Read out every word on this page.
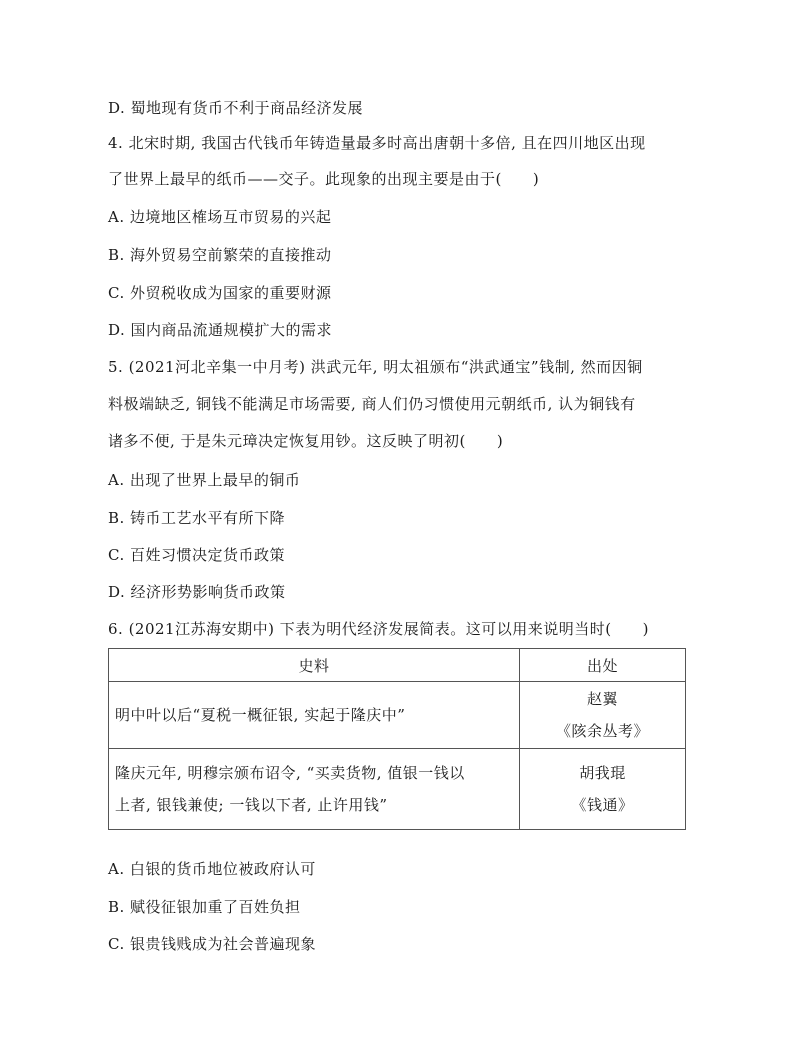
D. 蜀地现有货币不利于商品经济发展
4. 北宋时期, 我国古代钱币年铸造量最多时高出唐朝十多倍, 且在四川地区出现
了世界上最早的纸币——交子。此现象的出现主要是由于(　　)
A. 边境地区榷场互市贸易的兴起
B. 海外贸易空前繁荣的直接推动
C. 外贸税收成为国家的重要财源
D. 国内商品流通规模扩大的需求
5. (2021河北辛集一中月考) 洪武元年, 明太祖颁布“洪武通宝”钱制, 然而因铜
料极端缺乏, 铜钱不能满足市场需要, 商人们仍习惯使用元朝纸币, 认为铜钱有
诸多不便, 于是朱元璋决定恢复用钞。这反映了明初(　　)
A. 出现了世界上最早的铜币
B. 铸币工艺水平有所下降
C. 百姓习惯决定货币政策
D. 经济形势影响货币政策
6. (2021江苏海安期中) 下表为明代经济发展简表。这可以用来说明当时(　　)
史料	出处
明中叶以后“夏税一概征银, 实起于隆庆中”	赵翼
《陔余丛考》

隆庆元年, 明穆宗颁布诏令, “买卖货物, 值银一钱以
上者, 银钱兼使; 一钱以下者, 止许用钱”	胡我琨
《钱通》
A. 白银的货币地位被政府认可
B. 赋役征银加重了百姓负担
C. 银贵钱贱成为社会普遍现象
